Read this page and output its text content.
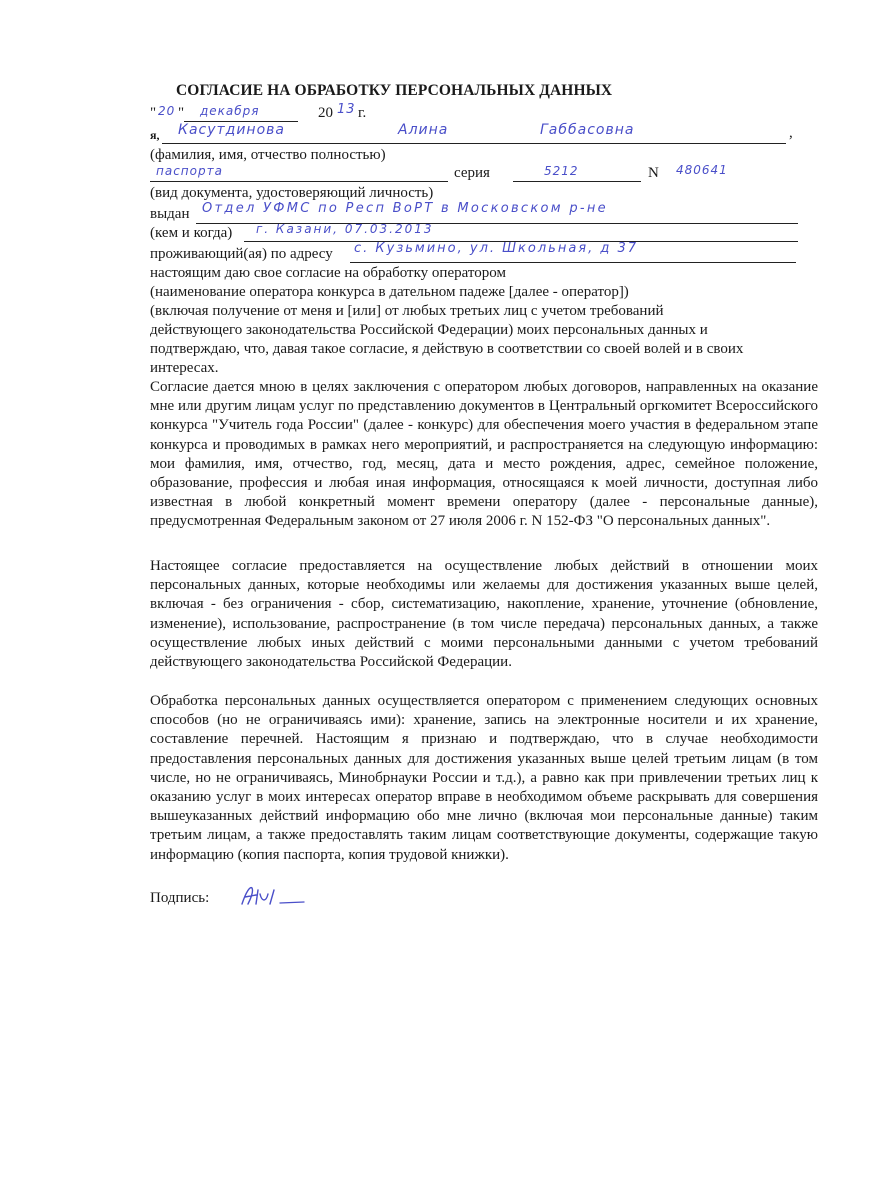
СОГЛАСИЕ НА ОБРАБОТКУ ПЕРСОНАЛЬНЫХ ДАННЫХ
" 20 " декабря	20 13 г.
я, Касутдинова	Алина	Габбасовна	,
(фамилия, имя, отчество полностью)
паспорта	серия	5212	N 480641
(вид документа, удостоверяющий личность)
выдан Отдел УФМС по Респ ВоРТ в Московском р-не
(кем и когда) г. Казани, 07.03.2013
проживающий(ая) по адресу с. Кузьмино, ул. Школьная, д 37
настоящим даю свое согласие на обработку оператором
(наименование оператора конкурса в дательном падеже [далее - оператор])
(включая получение от меня и [или] от любых третьих лиц с учетом требований
действующего законодательства Российской Федерации) моих персональных данных и
подтверждаю, что, давая такое согласие, я действую в соответствии со своей волей и в своих
интересах.
Согласие дается мною в целях заключения с оператором любых договоров, направленных на оказание мне или другим лицам услуг по представлению документов в Центральный оргкомитет Всероссийского конкурса "Учитель года России" (далее - конкурс) для обеспечения моего участия в федеральном этапе конкурса и проводимых в рамках него мероприятий, и распространяется на следующую информацию: мои фамилия, имя, отчество, год, месяц, дата и место рождения, адрес, семейное положение, образование, профессия и любая иная информация, относящаяся к моей личности, доступная либо известная в любой конкретный момент времени оператору (далее - персональные данные), предусмотренная Федеральным законом от 27 июля 2006 г. N 152-ФЗ "О персональных данных".
Настоящее согласие предоставляется на осуществление любых действий в отношении моих персональных данных, которые необходимы или желаемы для достижения указанных выше целей, включая - без ограничения - сбор, систематизацию, накопление, хранение, уточнение (обновление, изменение), использование, распространение (в том числе передача) персональных данных, а также осуществление любых иных действий с моими персональными данными с учетом требований действующего законодательства Российской Федерации.
Обработка персональных данных осуществляется оператором с применением следующих основных способов (но не ограничиваясь ими): хранение, запись на электронные носители и их хранение, составление перечней. Настоящим я признаю и подтверждаю, что в случае необходимости предоставления персональных данных для достижения указанных выше целей третьим лицам (в том числе, но не ограничиваясь, Минобрнауки России и т.д.), а равно как при привлечении третьих лиц к оказанию услуг в моих интересах оператор вправе в необходимом объеме раскрывать для совершения вышеуказанных действий информацию обо мне лично (включая мои персональные данные) таким третьим лицам, а также предоставлять таким лицам соответствующие документы, содержащие такую информацию (копия паспорта, копия трудовой книжки).
Подпись:
